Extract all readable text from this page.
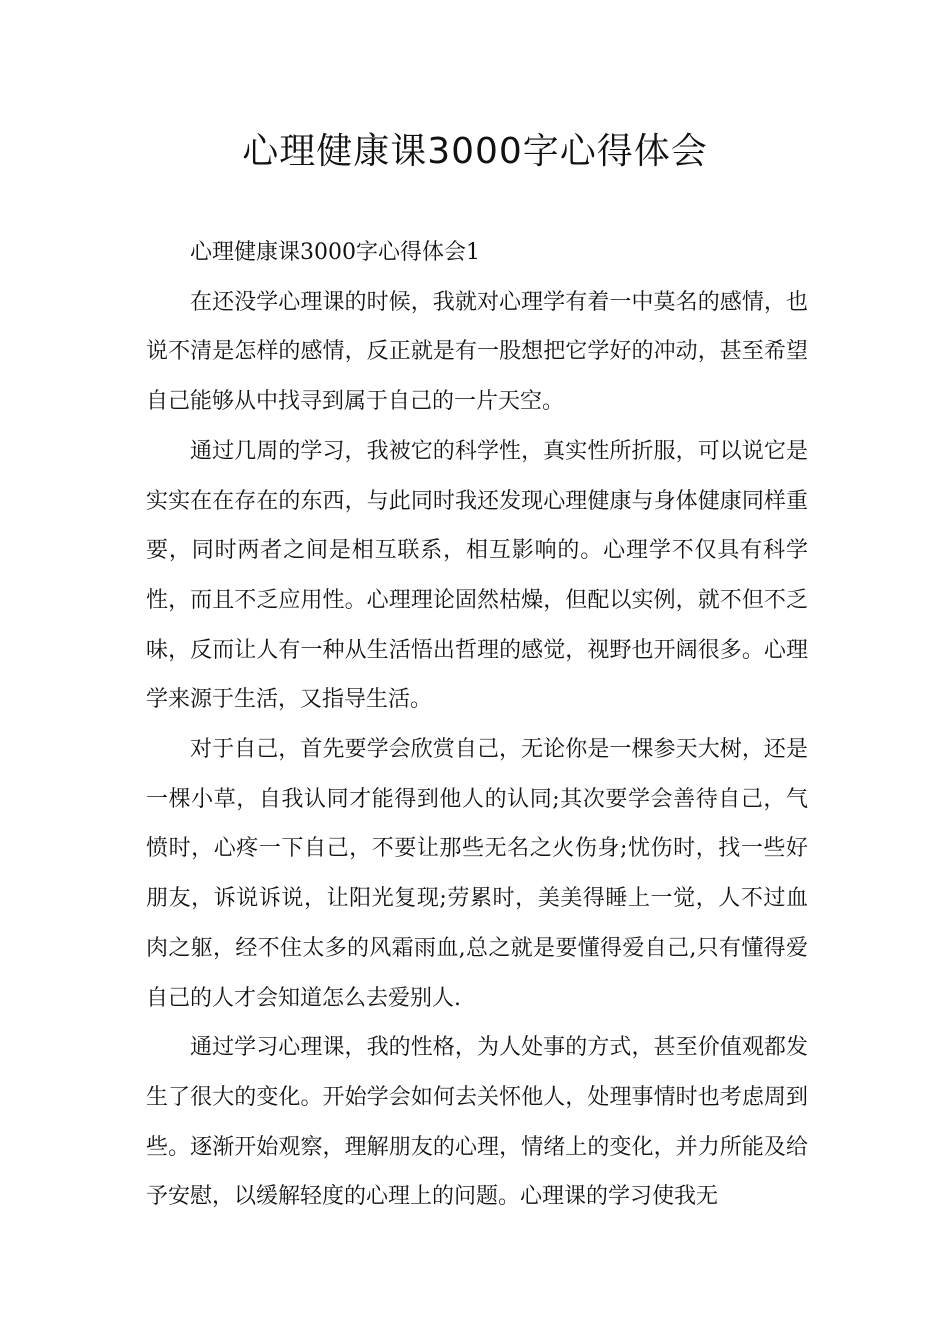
心理健康课3000字心得体会

心理健康课3000字心得体会1

在还没学心理课的时候，我就对心理学有着一中莫名的感情，也说不清是怎样的感情，反正就是有一股想把它学好的冲动，甚至希望自己能够从中找寻到属于自己的一片天空。

通过几周的学习，我被它的科学性，真实性所折服，可以说它是实实在在存在的东西，与此同时我还发现心理健康与身体健康同样重要，同时两者之间是相互联系，相互影响的。心理学不仅具有科学性，而且不乏应用性。心理理论固然枯燥，但配以实例，就不但不乏味，反而让人有一种从生活悟出哲理的感觉，视野也开阔很多。心理学来源于生活，又指导生活。

对于自己，首先要学会欣赏自己，无论你是一棵参天大树，还是一棵小草，自我认同才能得到他人的认同;其次要学会善待自己，气愤时，心疼一下自己，不要让那些无名之火伤身;忧伤时，找一些好朋友，诉说诉说，让阳光复现;劳累时，美美得睡上一觉，人不过血肉之躯，经不住太多的风霜雨血,总之就是要懂得爱自己,只有懂得爱自己的人才会知道怎么去爱别人.

通过学习心理课，我的性格，为人处事的方式，甚至价值观都发生了很大的变化。开始学会如何去关怀他人，处理事情时也考虑周到些。逐渐开始观察，理解朋友的心理，情绪上的变化，并力所能及给予安慰，以缓解轻度的心理上的问题。心理课的学习使我无
